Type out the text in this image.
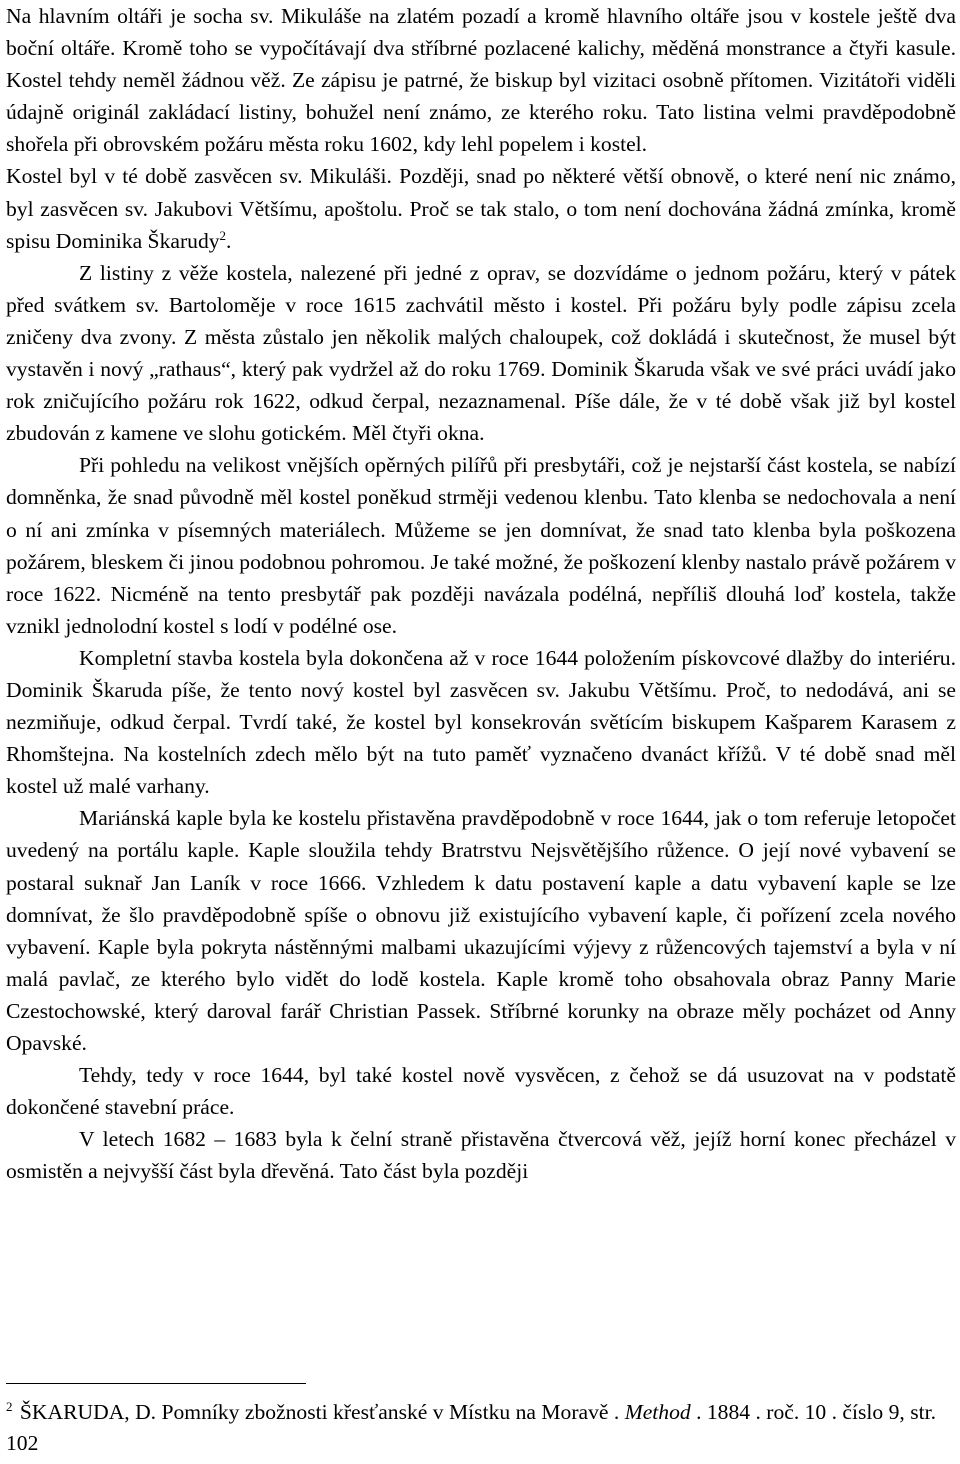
Na hlavním oltáři je socha sv. Mikuláše na zlatém pozadí a kromě hlavního oltáře jsou v kostele ještě dva boční oltáře. Kromě toho se vypočítávají dva stříbrné pozlacené kalichy, měděná monstrance a čtyři kasule. Kostel tehdy neměl žádnou věž. Ze zápisu je patrné, že biskup byl vizitaci osobně přítomen. Vizitátoři viděli údajně originál zakládací listiny, bohužel není známo, ze kterého roku. Tato listina velmi pravděpodobně shořela při obrovském požáru města roku 1602, kdy lehl popelem i kostel.

Kostel byl v té době zasvěcen sv. Mikuláši. Později, snad po některé větší obnově, o které není nic známo, byl zasvěcen sv. Jakubovi Většímu, apoštolu. Proč se tak stalo, o tom není dochována žádná zmínka, kromě spisu Dominika Škarudy$^2$.

Z listiny z věže kostela, nalezené při jedné z oprav, se dozvídáme o jednom požáru, který v pátek před svátkem sv. Bartoloměje v roce 1615 zachvátil město i kostel. Při požáru byly podle zápisu zcela zničeny dva zvony. Z města zůstalo jen několik malých chaloupek, což dokládá i skutečnost, že musel být vystavěn i nový „rathaus“, který pak vydržel až do roku 1769. Dominik Škaruda však ve své práci uvádí jako rok zničujícího požáru rok 1622, odkud čerpal, nezaznamenal. Píše dále, že v té době však již byl kostel zbudován z kamene ve slohu gotickém. Měl čtyři okna.

Při pohledu na velikost vnějších opěrných pilířů při presbytáři, což je nejstarší část kostela, se nabízí domněnka, že snad původně měl kostel poněkud strměji vedenou klenbu. Tato klenba se nedochovala a není o ní ani zmínka v písemných materiálech. Můžeme se jen domnívat, že snad tato klenba byla poškozena požárem, bleskem či jinou podobnou pohromou. Je také možné, že poškození klenby nastalo právě požárem v roce 1622. Nicméně na tento presbytář pak později navázala podélná, nepříliš dlouhá loď kostela, takže vznikl jednolodní kostel s lodí v podélné ose.

Kompletní stavba kostela byla dokončena až v roce 1644 položením pískovcové dlažby do interiéru. Dominik Škaruda píše, že tento nový kostel byl zasvěcen sv. Jakubu Většímu. Proč, to nedodává, ani se nezmiňuje, odkud čerpal. Tvrdí také, že kostel byl konsekrován světícím biskupem Kašparem Karasem z Rhomštejna. Na kostelních zdech mělo být na tuto paměť vyznačeno dvanáct křížů. V té době snad měl kostel už malé varhany.

Mariánská kaple byla ke kostelu přistavěna pravděpodobně v roce 1644, jak o tom referuje letopočet uvedený na portálu kaple. Kaple sloužila tehdy Bratrstvu Nejsvětějšího růžence. O její nové vybavení se postaral suknař Jan Laník v roce 1666. Vzhledem k datu postavení kaple a datu vybavení kaple se lze domnívat, že šlo pravděpodobně spíše o obnovu již existujícího vybavení kaple, či pořízení zcela nového vybavení. Kaple byla pokryta nástěnnými malbami ukazujícími výjevy z růžencových tajemství a byla v ní malá pavlač, ze kterého bylo vidět do lodě kostela. Kaple kromě toho obsahovala obraz Panny Marie Czestochowské, který daroval farář Christian Passek. Stříbrné korunky na obraze měly pocházet od Anny Opavské.

Tehdy, tedy v roce 1644, byl také kostel nově vysvěcen, z čehož se dá usuzovat na v podstatě dokončené stavební práce.

V letech 1682 – 1683 byla k čelní straně přistavěna čtvercová věž, jejíž horní konec přecházel v osmistěn a nejvyšší část byla dřevěná. Tato část byla později

$^2$ ŠKARUDA, D. Pomníky zbožnosti křesťanské v Místku na Moravě . Method . 1884 . roč. 10 . číslo 9, str. 102
